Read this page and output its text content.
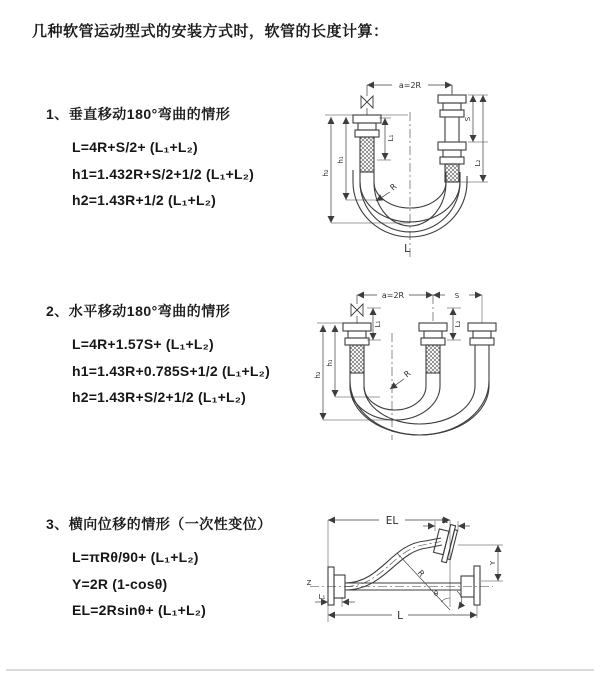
几种软管运动型式的安装方式时，软管的长度计算：
1、垂直移动180°弯曲的情形
L=4R+S/2+ (L₁+L₂)
h1=1.432R+S/2+1/2 (L₁+L₂)
h2=1.43R+1/2 (L₁+L₂)
2、水平移动180°弯曲的情形
L=4R+1.57S+ (L₁+L₂)
h1=1.43R+0.785S+1/2 (L₁+L₂)
h2=1.43R+S/2+1/2 (L₁+L₂)
3、横向位移的情形（一次性变位）
L=πRθ/90+ (L₁+L₂)
Y=2R (1-cosθ)
EL=2Rsinθ+ (L₁+L₂)
a=2R
h₁
h₂
L₁
S
L₂
R
L
a=2R	S
h₁
h₂
L₁	L₂
R
EL	L₂
Y
R
θ
L₁
L
Z
